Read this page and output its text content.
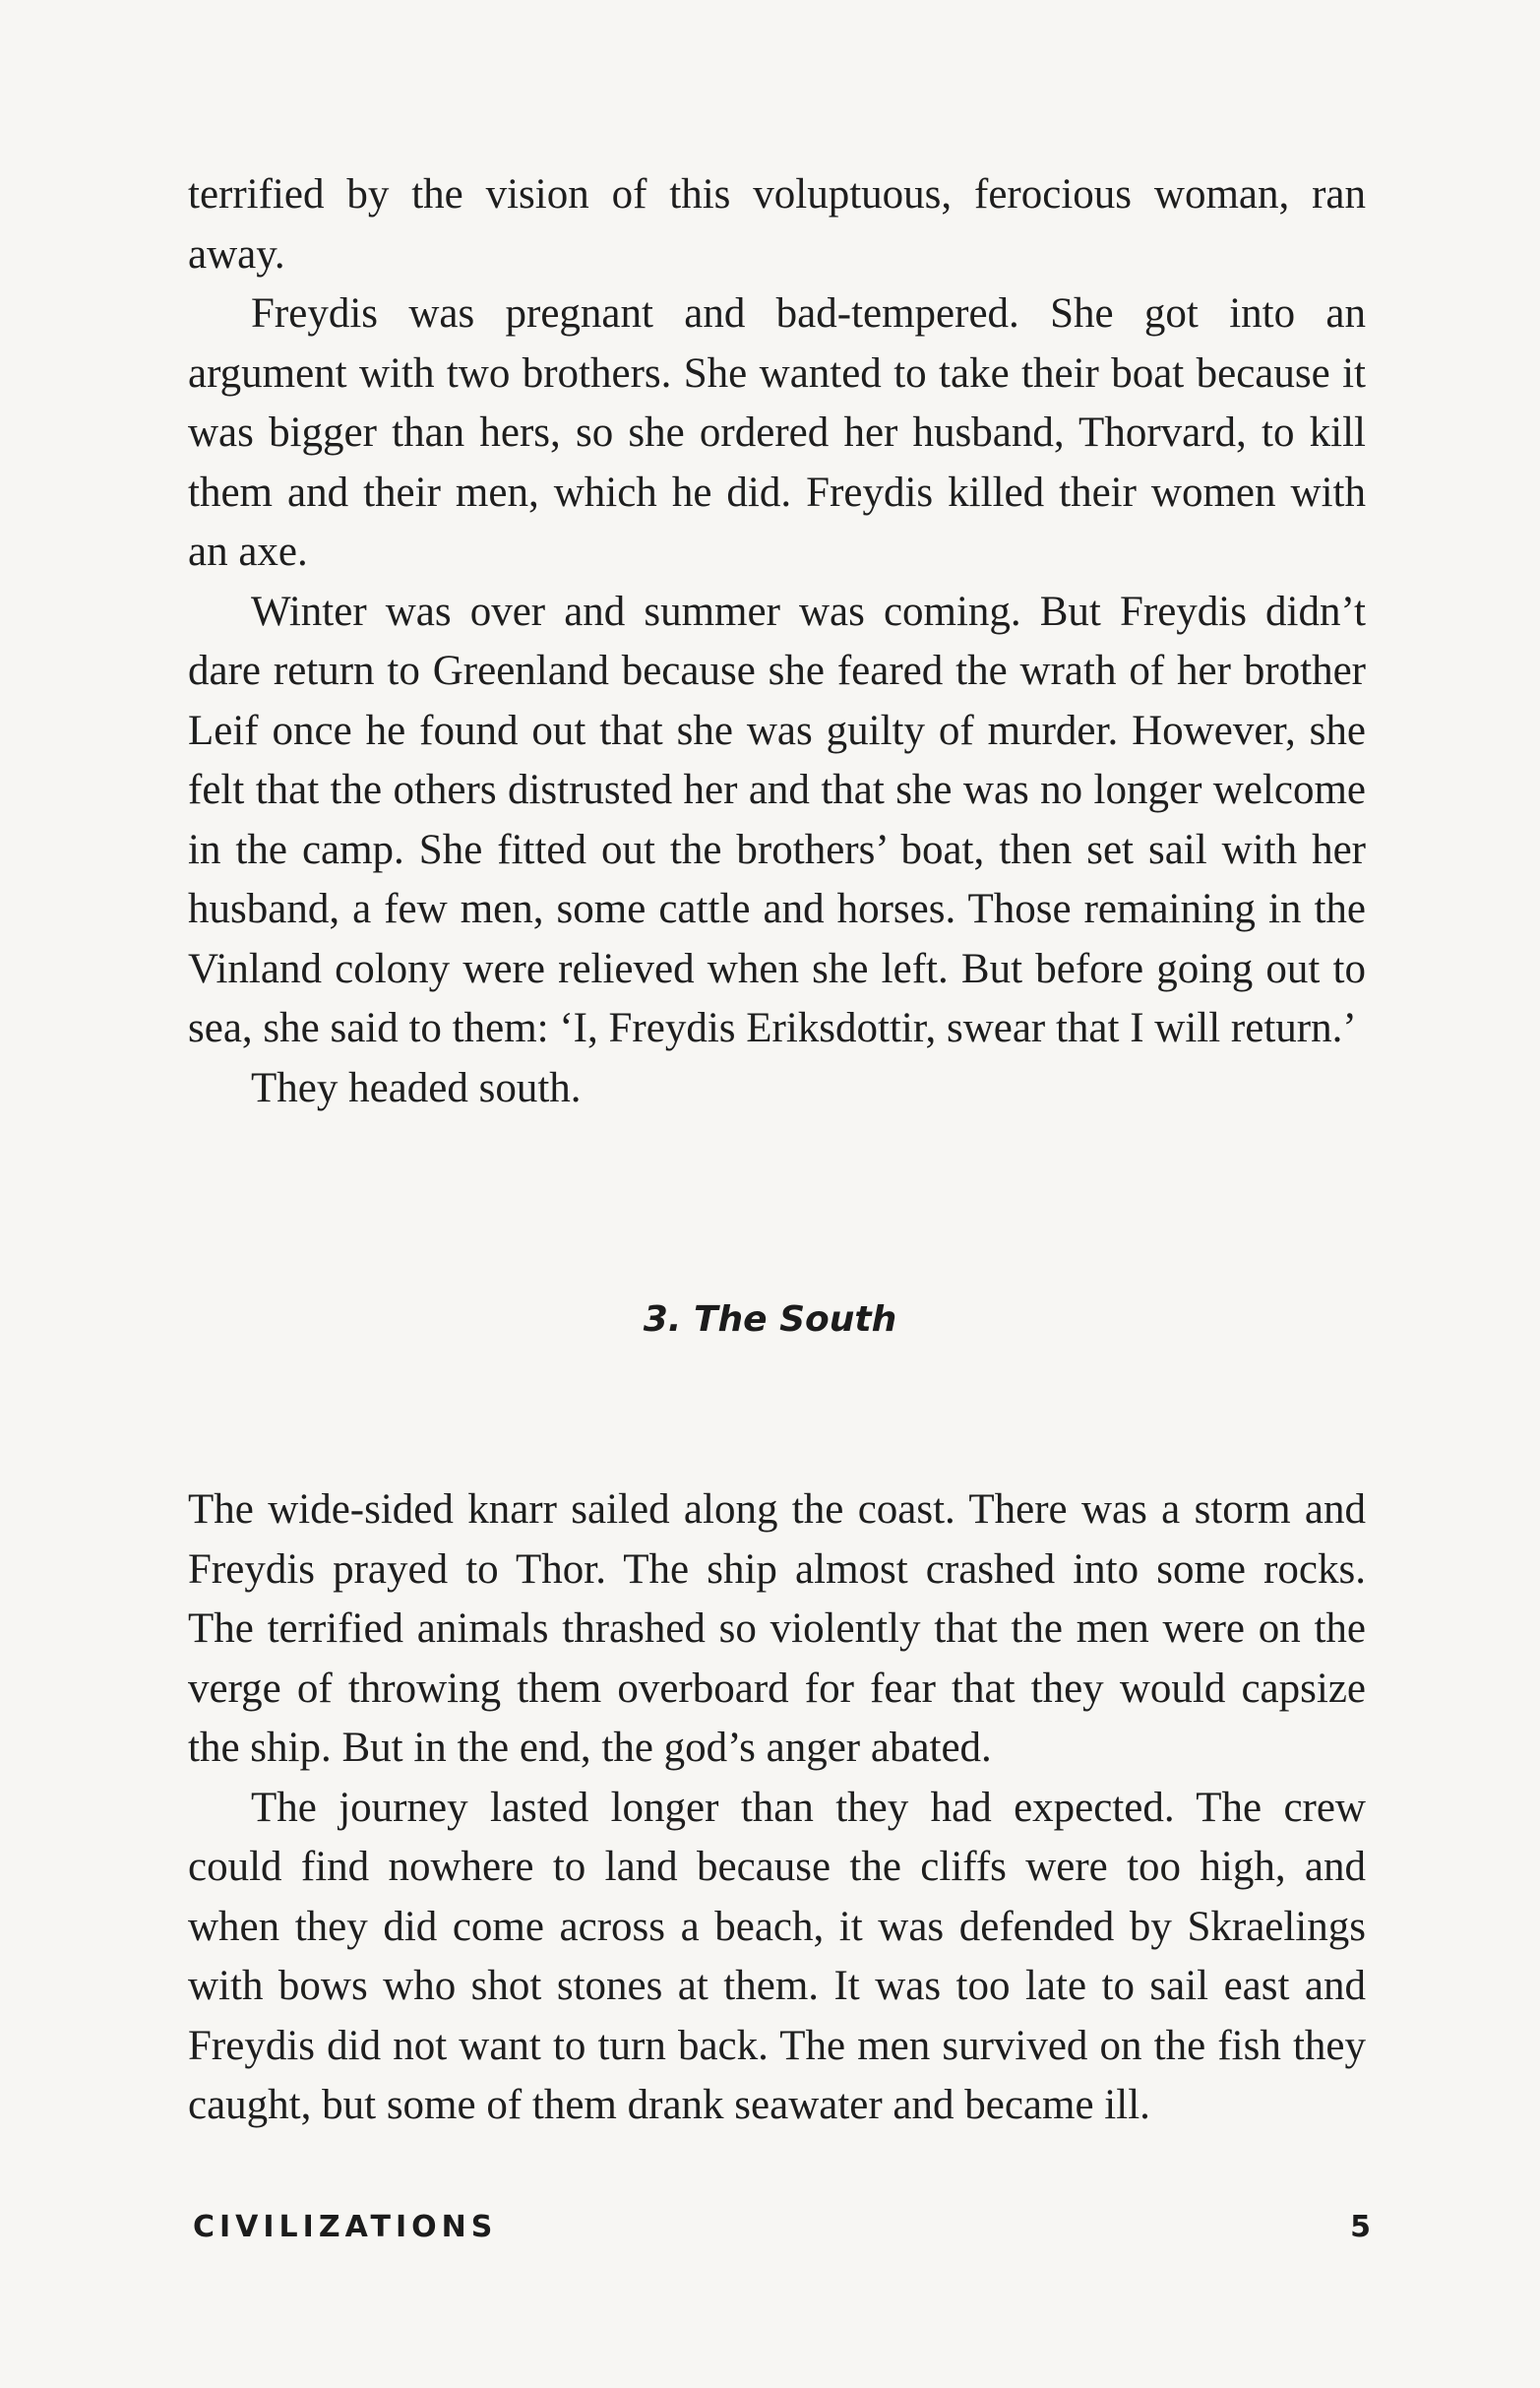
terrified by the vision of this voluptuous, ferocious woman, ran away.

Freydis was pregnant and bad-tempered. She got into an argument with two brothers. She wanted to take their boat because it was bigger than hers, so she ordered her husband, Thorvard, to kill them and their men, which he did. Freydis killed their women with an axe.

Winter was over and summer was coming. But Freydis didn’t dare return to Greenland because she feared the wrath of her brother Leif once he found out that she was guilty of murder. However, she felt that the others distrusted her and that she was no longer welcome in the camp. She fitted out the brothers’ boat, then set sail with her husband, a few men, some cattle and horses. Those remaining in the Vinland colony were relieved when she left. But before going out to sea, she said to them: ‘I, Freydis Eriksdottir, swear that I will return.’

They headed south.

3. The South

The wide-sided knarr sailed along the coast. There was a storm and Freydis prayed to Thor. The ship almost crashed into some rocks. The terrified animals thrashed so violently that the men were on the verge of throwing them overboard for fear that they would capsize the ship. But in the end, the god’s anger abated.

The journey lasted longer than they had expected. The crew could find nowhere to land because the cliffs were too high, and when they did come across a beach, it was defended by Skraelings with bows who shot stones at them. It was too late to sail east and Freydis did not want to turn back. The men survived on the fish they caught, but some of them drank seawater and became ill.

CIVILIZATIONS	5
